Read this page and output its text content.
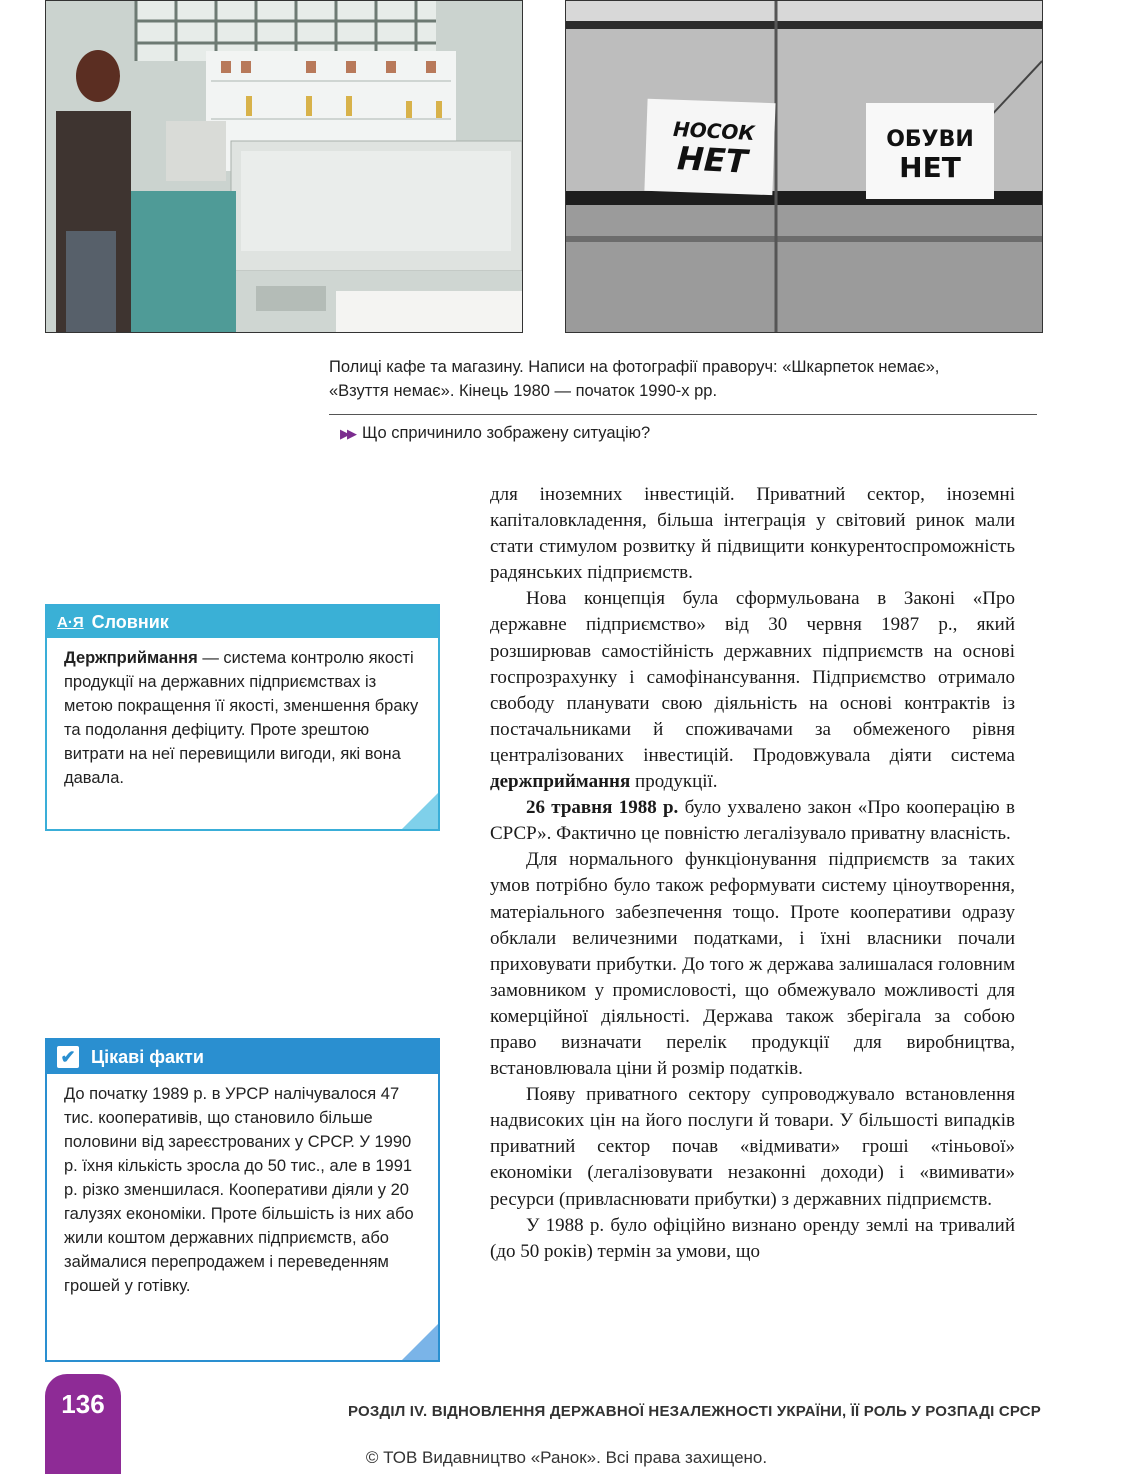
НОСОК
НЕТ	ОБУВИ
НЕТ
Полиці кафе та магазину. Написи на фотографії праворуч: «Шкарпеток немає»,
«Взуття немає». Кінець 1980 — початок 1990-х рр.
▶▶ Що спричинило зображену ситуацію?

для іноземних інвестицій. Приватний сектор, іноземні капіталовкладення, більша інтеграція у світовий ринок мали стати стимулом розвитку й підвищити конкурентоспроможність радянських підприємств.

Нова концепція була сформульована в Законі «Про державне підприємство» від 30 червня 1987 р., який розширював самостійність державних підприємств на основі госпрозрахунку і самофінансування. Підприємство отримало свободу планувати свою діяльність на основі контрактів із постачальниками й споживачами за обмеженого рівня централізованих інвестицій. Продовжувала діяти система держприймання продукції.

26 травня 1988 р. було ухвалено закон «Про кооперацію в СРСР». Фактично це повністю легалізувало приватну власність.

Для нормального функціонування підприємств за таких умов потрібно було також реформувати систему ціноутворення, матеріального забезпечення тощо. Проте кооперативи одразу обклали величезними податками, і їхні власники почали приховувати прибутки. До того ж держава залишалася головним замовником у промисловості, що обмежувало можливості для комерційної діяльності. Держава також зберігала за собою право визначати перелік продукції для виробництва, встановлювала ціни й розмір податків.

Появу приватного сектору супроводжувало встановлення надвисоких цін на його послуги й товари. У більшості випадків приватний сектор почав «відмивати» гроші «тіньової» економіки (легалізовувати незаконні доходи) і «вимивати» ресурси (привласнювати прибутки) з державних підприємств.

У 1988 р. було офіційно визнано оренду землі на тривалий (до 50 років) термін за умови, що

А·Я Словник
Держприймання — система контролю якості продукції на державних підприємствах із метою покращення її якості, зменшення браку та подолання дефіциту. Проте зрештою витрати на неї перевищили вигоди, які вона давала.
✔ Цікаві факти
До початку 1989 р. в УРСР налічувалося 47 тис. кооперативів, що становило більше половини від зареєстрованих у СРСР. У 1990 р. їхня кількість зросла до 50 тис., але в 1991 р. різко зменшилася. Кооперативи діяли у 20 галузях економіки. Проте більшість із них або жили коштом державних підприємств, або займалися перепродажем і переведенням грошей у готівку.
136	РОЗДІЛ IV. ВІДНОВЛЕННЯ ДЕРЖАВНОЇ НЕЗАЛЕЖНОСТІ УКРАЇНИ, ЇЇ РОЛЬ У РОЗПАДІ СРСР
© ТОВ Видавництво «Ранок». Всі права захищено.
